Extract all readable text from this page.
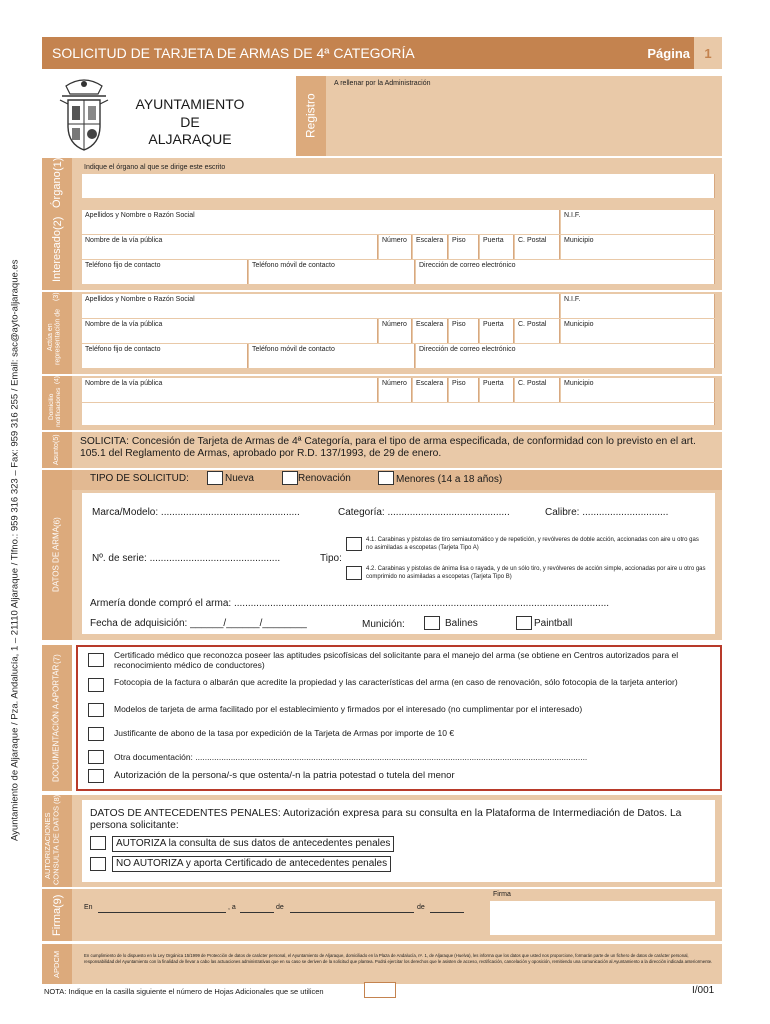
Ayuntamiento de Aljaraque / Pza. Andalucía, 1 – 21110 Aljaraque / Tlfno.: 959 316 323 – Fax: 959 316 255 / Email: sac@ayto-aljaraque.es
SOLICITUD DE TARJETA DE ARMAS DE 4ª CATEGORÍA	Página	1
AYUNTAMIENTO
DE
ALJARAQUE
Registro
A rellenar por la Administración
Órgano
(1)	Indique el órgano al que se dirige este escrito
Interesado
(2)
Apellidos y Nombre o Razón Social	N.I.F.
Nombre de la vía pública	Número	Escalera	Piso	Puerta	C. Postal	Municipio
Teléfono fijo de contacto	Teléfono móvil de contacto	Dirección de correo electrónico
Actúa en representación de
(3)	Apellidos y Nombre o Razón Social	N.I.F.
Nombre de la vía pública	Número	Escalera	Piso	Puerta	C. Postal	Municipio
Teléfono fijo de contacto	Teléfono móvil de contacto	Dirección de correo electrónico
Domicilio notificaciones
(4)	Nombre de la vía pública	Número	Escalera	Piso	Puerta	C. Postal	Municipio
Asunto
(5) SOLICITA: Concesión de Tarjeta de Armas de 4ª Categoría, para el tipo de arma especificada, de conformidad con lo previsto en el art. 105.1 del Reglamento de Armas, aprobado por R.D. 137/1993, de 29 de enero.
DATOS DE ARMA
(6)
TIPO DE SOLICITUD:	Nueva	Renovación	Menores (14 a 18 años)
Marca/Modelo: ..................................................	Categoría: ............................................	Calibre: ...............................
Nº. de serie: ...............................................	Tipo:
4.1. Carabinas y pistolas de tiro semiautomático y de repetición, y revólveres de doble acción, accionadas con aire u otro gas no asimiladas a escopetas (Tarjeta Tipo A)
4.2. Carabinas y pistolas de ánima lisa o rayada, y de un sólo tiro, y revólveres de acción simple, accionadas por aire u otro gas comprimido no asimiladas a escopetas (Tarjeta Tipo B)
Armería donde compró el arma: .......................................................................................................................................
Fecha de adquisición: ______/______/________	Munición:	Balines	Paintball
DOCUMENTACIÓN A APORTAR
(7)	Certificado médico que reconozca poseer las aptitudes psicofísicas del solicitante para el manejo del arma (se obtiene en Centros autorizados para el reconocimiento médico de conductores)
Fotocopia de la factura o albarán que acredite la propiedad y las características del arma (en caso de renovación, sólo fotocopia de la tarjeta anterior)
Modelos de tarjeta de arma facilitado por el establecimiento y firmados por el interesado (no cumplimentar por el interesado)
Justificante de abono de la tasa por expedición de la Tarjeta de Armas por importe de 10 €
Otra documentación: ......................................................................................................................................................................
Autorización de la persona/-s que ostenta/-n la patria potestad o tutela del menor
AUTORIZACIONES CONSULTA DE DATOS
(8)
DATOS DE ANTECEDENTES PENALES: Autorización expresa para su consulta en la Plataforma de Intermediación de Datos. La persona solicitante:
AUTORIZA la consulta de sus datos de antecedentes penales
NO AUTORIZA y aporta Certificado de antecedentes penales
Firma
(9)	En	, a	de	de
Firma
APDCM	En cumplimiento de lo dispuesto en la Ley Orgánica 15/1999 de Protección de datos de carácter personal, el Ayuntamiento de Aljaraque, domiciliado en la Plaza de Andalucía, nº. 1, de Aljaraque (Huelva), les informa que los datos que usted nos proporcione, formarán parte de un fichero de datos de carácter personal, responsabilidad del Ayuntamiento con la finalidad de llevar a cabo las actuaciones administrativas que en su caso se deriven de la solicitud que plantea. Podrá ejercitar los derechos que le asisten de acceso, rectificación, cancelación y oposición, remitiendo una comunicación al Ayuntamiento a la dirección indicada anteriormente.
NOTA: Indique en la casilla siguiente el número de Hojas Adicionales que se utilicen	I/001
